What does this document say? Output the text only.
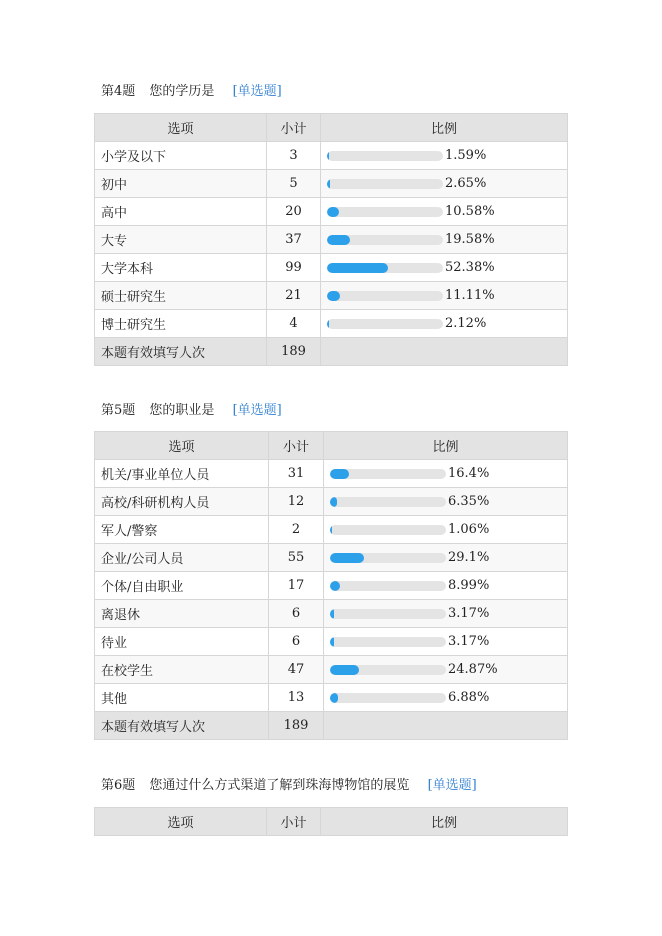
第4题 您的学历是 [单选题]
选项	小计	比例
小学及以下	3	1.59%

初中	5	2.65%

高中	20	10.58%

大专	37	19.58%

大学本科	99	52.38%

硕士研究生	21	11.11%

博士研究生	4	2.12%

本题有效填写人次	189	
第5题 您的职业是 [单选题]
选项	小计	比例
机关/事业单位人员	31	16.4%

高校/科研机构人员	12	6.35%

军人/警察	2	1.06%

企业/公司人员	55	29.1%

个体/自由职业	17	8.99%

离退休	6	3.17%

待业	6	3.17%

在校学生	47	24.87%

其他	13	6.88%

本题有效填写人次	189	
第6题 您通过什么方式渠道了解到珠海博物馆的展览 [单选题]
选项	小计	比例
